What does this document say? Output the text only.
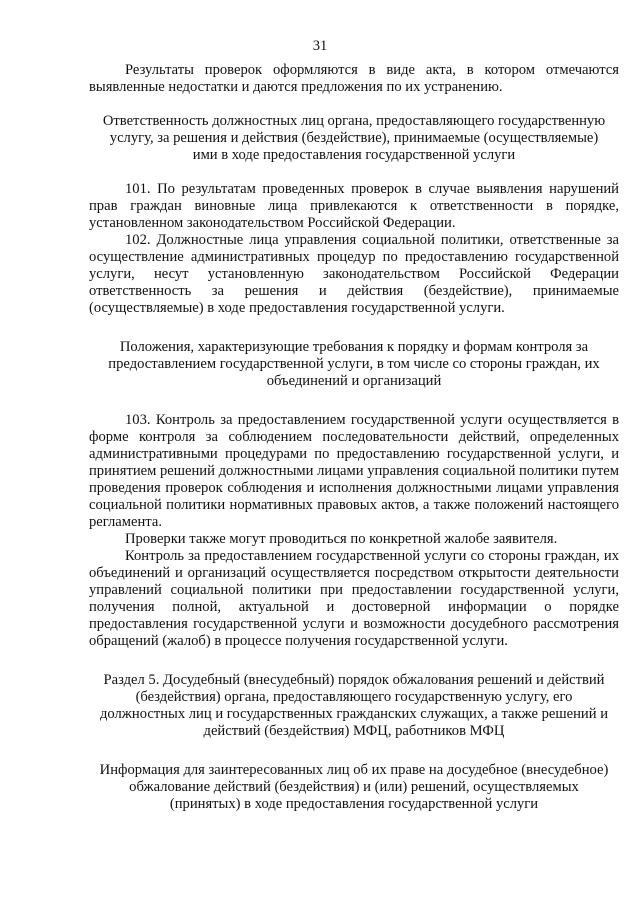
31

Результаты проверок оформляются в виде акта, в котором отмечаются выявленные недостатки и даются предложения по их устранению.

Ответственность должностных лиц органа, предоставляющего государственную услугу, за решения и действия (бездействие), принимаемые (осуществляемые) ими в ходе предоставления государственной услуги

101. По результатам проведенных проверок в случае выявления нарушений прав граждан виновные лица привлекаются к ответственности в порядке, установленном законодательством Российской Федерации.

102. Должностные лица управления социальной политики, ответственные за осуществление административных процедур по предоставлению государственной услуги, несут установленную законодательством Российской Федерации ответственность за решения и действия (бездействие), принимаемые (осуществляемые) в ходе предоставления государственной услуги.

Положения, характеризующие требования к порядку и формам контроля за предоставлением государственной услуги, в том числе со стороны граждан, их объединений и организаций

103. Контроль за предоставлением государственной услуги осуществляется в форме контроля за соблюдением последовательности действий, определенных административными процедурами по предоставлению государственной услуги, и принятием решений должностными лицами управления социальной политики путем проведения проверок соблюдения и исполнения должностными лицами управления социальной политики нормативных правовых актов, а также положений настоящего регламента.

Проверки также могут проводиться по конкретной жалобе заявителя.

Контроль за предоставлением государственной услуги со стороны граждан, их объединений и организаций осуществляется посредством открытости деятельности управлений социальной политики при предоставлении государственной услуги, получения полной, актуальной и достоверной информации о порядке предоставления государственной услуги и возможности досудебного рассмотрения обращений (жалоб) в процессе получения государственной услуги.

Раздел 5. Досудебный (внесудебный) порядок обжалования решений и действий (бездействия) органа, предоставляющего государственную услугу, его должностных лиц и государственных гражданских служащих, а также решений и действий (бездействия) МФЦ, работников МФЦ

Информация для заинтересованных лиц об их праве на досудебное (внесудебное) обжалование действий (бездействия) и (или) решений, осуществляемых (принятых) в ходе предоставления государственной услуги
